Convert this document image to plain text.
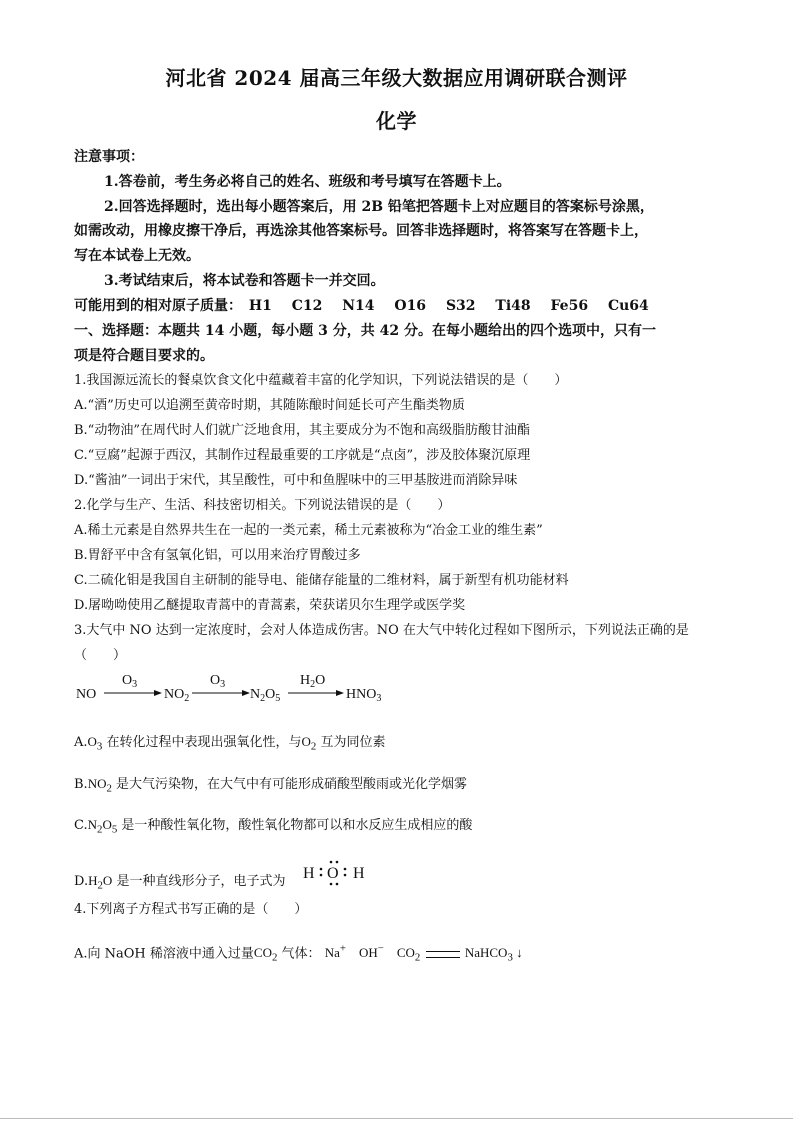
河北省 2024 届高三年级大数据应用调研联合测评
化学
注意事项：
1.答卷前，考生务必将自己的姓名、班级和考号填写在答题卡上。
2.回答选择题时，选出每小题答案后，用 2B 铅笔把答题卡上对应题目的答案标号涂黑，
如需改动，用橡皮擦干净后，再选涂其他答案标号。回答非选择题时，将答案写在答题卡上，
写在本试卷上无效。
3.考试结束后，将本试卷和答题卡一并交回。
可能用到的相对原子质量： H1 C12 N14 O16 S32 Ti48 Fe56 Cu64
一、选择题：本题共 14 小题，每小题 3 分，共 42 分。在每小题给出的四个选项中，只有一
项是符合题目要求的。
1.我国源远流长的餐桌饮食文化中蕴藏着丰富的化学知识，下列说法错误的是（　　）
A.“酒”历史可以追溯至黄帝时期，其随陈酿时间延长可产生酯类物质
B.“动物油”在周代时人们就广泛地食用，其主要成分为不饱和高级脂肪酸甘油酯
C.“豆腐”起源于西汉，其制作过程最重要的工序就是“点卤”，涉及胶体聚沉原理
D.“酱油”一词出于宋代，其呈酸性，可中和鱼腥味中的三甲基胺进而消除异味
2.化学与生产、生活、科技密切相关。下列说法错误的是（　　）
A.稀土元素是自然界共生在一起的一类元素，稀土元素被称为“冶金工业的维生素”
B.胃舒平中含有氢氧化铝，可以用来治疗胃酸过多
C.二硫化钼是我国自主研制的能导电、能储存能量的二维材料，属于新型有机功能材料
D.屠呦呦使用乙醚提取青蒿中的青蒿素，荣获诺贝尔生理学或医学奖
3.大气中 NO 达到一定浓度时，会对人体造成伤害。NO 在大气中转化过程如下图所示，下列说法正确的是
（　　）
NO	$NO_2$	$N_2O_5$	$HNO_3$
$O_3$	$O_3$	$H_2O$
$A.O_3$ 在转化过程中表现出强氧化性，与$O_2$ 互为同位素
$B.NO_2$ 是大气污染物，在大气中有可能形成硝酸型酸雨或光化学烟雾
$C.N_2O_5$ 是一种酸性氧化物，酸性氧化物都可以和水反应生成相应的酸
$D.H_2O$ 是一种直线形分子，电子式为	H O H
4.下列离子方程式书写正确的是（　　）
A.向 NaOH 稀溶液中通入过量$CO_2$ 气体： Na+ OH− $CO_2$	NaHCO$_3$ ↓
